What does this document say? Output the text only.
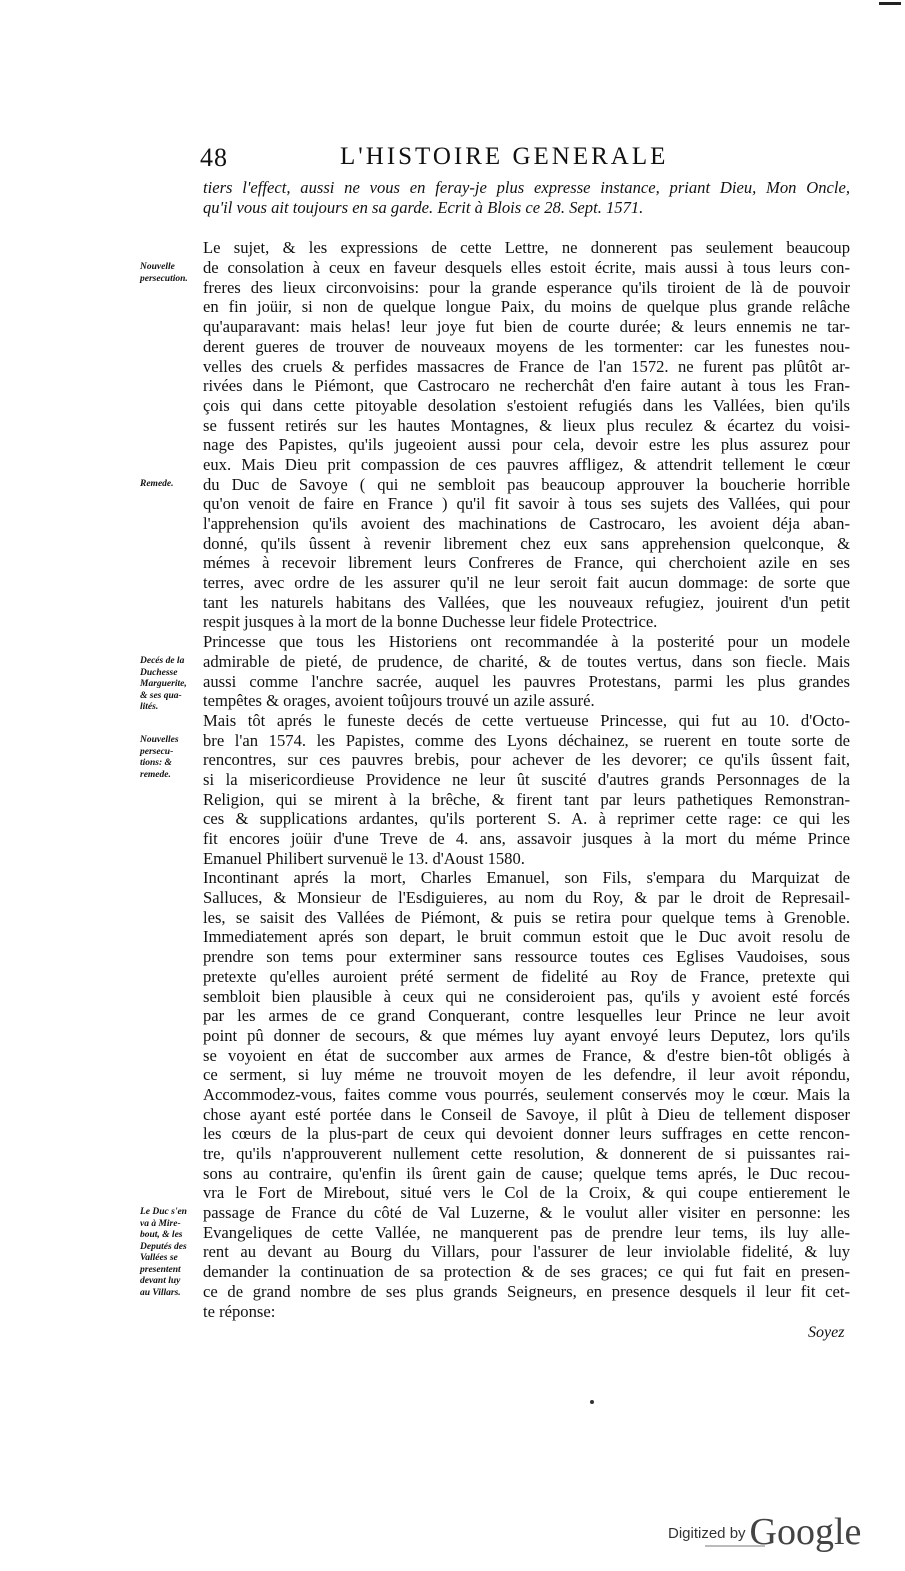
48	L'HISTOIRE GENERALE
tiers l'effect, aussi ne vous en feray-je plus expresse instance, priant Dieu, Mon Oncle,
qu'il vous ait toujours en sa garde. Ecrit à Blois ce 28. Sept. 1571.
Le sujet, & les expressions de cette Lettre, ne donnerent pas seulement beaucoup
de consolation à ceux en faveur desquels elles estoit écrite, mais aussi à tous leurs con-
freres des lieux circonvoisins: pour la grande esperance qu'ils tiroient de là de pouvoir
en fin joüir, si non de quelque longue Paix, du moins de quelque plus grande relâche
qu'auparavant: mais helas! leur joye fut bien de courte durée; & leurs ennemis ne tar-
derent gueres de trouver de nouveaux moyens de les tormenter: car les funestes nou-
velles des cruels & perfides massacres de France de l'an 1572. ne furent pas plûtôt ar-
rivées dans le Piémont, que Castrocaro ne recherchât d'en faire autant à tous les Fran-
çois qui dans cette pitoyable desolation s'estoient refugiés dans les Vallées, bien qu'ils
se fussent retirés sur les hautes Montagnes, & lieux plus reculez & écartez du voisi-
nage des Papistes, qu'ils jugeoient aussi pour cela, devoir estre les plus assurez pour
eux. Mais Dieu prit compassion de ces pauvres affligez, & attendrit tellement le cœur
du Duc de Savoye ( qui ne sembloit pas beaucoup approuver la boucherie horrible
qu'on venoit de faire en France ) qu'il fit savoir à tous ses sujets des Vallées, qui pour
l'apprehension qu'ils avoient des machinations de Castrocaro, les avoient déja aban-
donné, qu'ils ûssent à revenir librement chez eux sans apprehension quelconque, &
mémes à recevoir librement leurs Confreres de France, qui cherchoient azile en ses
terres, avec ordre de les assurer qu'il ne leur seroit fait aucun dommage: de sorte que
tant les naturels habitans des Vallées, que les nouveaux refugiez, jouirent d'un petit
respit jusques à la mort de la bonne Duchesse leur fidele Protectrice.
Princesse que tous les Historiens ont recommandée à la posterité pour un modele
admirable de pieté, de prudence, de charité, & de toutes vertus, dans son fiecle. Mais
aussi comme l'anchre sacrée, auquel les pauvres Protestans, parmi les plus grandes
tempêtes & orages, avoient toûjours trouvé un azile assuré.
Mais tôt aprés le funeste decés de cette vertueuse Princesse, qui fut au 10. d'Octo-
bre l'an 1574. les Papistes, comme des Lyons déchainez, se ruerent en toute sorte de
rencontres, sur ces pauvres brebis, pour achever de les devorer; ce qu'ils ûssent fait,
si la misericordieuse Providence ne leur ût suscité d'autres grands Personnages de la
Religion, qui se mirent à la brêche, & firent tant par leurs pathetiques Remonstran-
ces & supplications ardantes, qu'ils porterent S. A. à reprimer cette rage: ce qui les
fit encores joüir d'une Treve de 4. ans, assavoir jusques à la mort du méme Prince
Emanuel Philibert survenuë le 13. d'Aoust 1580.
Incontinant aprés la mort, Charles Emanuel, son Fils, s'empara du Marquizat de
Salluces, & Monsieur de l'Esdiguieres, au nom du Roy, & par le droit de Represail-
les, se saisit des Vallées de Piémont, & puis se retira pour quelque tems à Grenoble.
Immediatement aprés son depart, le bruit commun estoit que le Duc avoit resolu de
prendre son tems pour exterminer sans ressource toutes ces Eglises Vaudoises, sous
pretexte qu'elles auroient prété serment de fidelité au Roy de France, pretexte qui
sembloit bien plausible à ceux qui ne consideroient pas, qu'ils y avoient esté forcés
par les armes de ce grand Conquerant, contre lesquelles leur Prince ne leur avoit
point pû donner de secours, & que mémes luy ayant envoyé leurs Deputez, lors qu'ils
se voyoient en état de succomber aux armes de France, & d'estre bien-tôt obligés à
ce serment, si luy méme ne trouvoit moyen de les defendre, il leur avoit répondu,
Accommodez-vous, faites comme vous pourrés, seulement conservés moy le cœur. Mais la
chose ayant esté portée dans le Conseil de Savoye, il plût à Dieu de tellement disposer
les cœurs de la plus-part de ceux qui devoient donner leurs suffrages en cette rencon-
tre, qu'ils n'approuverent nullement cette resolution, & donnerent de si puissantes rai-
sons au contraire, qu'enfin ils ûrent gain de cause; quelque tems aprés, le Duc recou-
vra le Fort de Mirebout, situé vers le Col de la Croix, & qui coupe entierement le
passage de France du côté de Val Luzerne, & le voulut aller visiter en personne: les
Evangeliques de cette Vallée, ne manquerent pas de prendre leur tems, ils luy alle-
rent au devant au Bourg du Villars, pour l'assurer de leur inviolable fidelité, & luy
demander la continuation de sa protection & de ses graces; ce qui fut fait en presen-
ce de grand nombre de ses plus grands Seigneurs, en presence desquels il leur fit cet-
te réponse:
Nouvelle
persecution.
Remede.
Decés de la
Duchesse
Marguerite,
& ses qua-
lités.
Nouvelles
persecu-
tions: &
remede.
Le Duc s'en
va à Mire-
bout, & les
Deputés des
Vallées se
presentent
devant luy
au Villars.
Soyez
Digitized by Google
